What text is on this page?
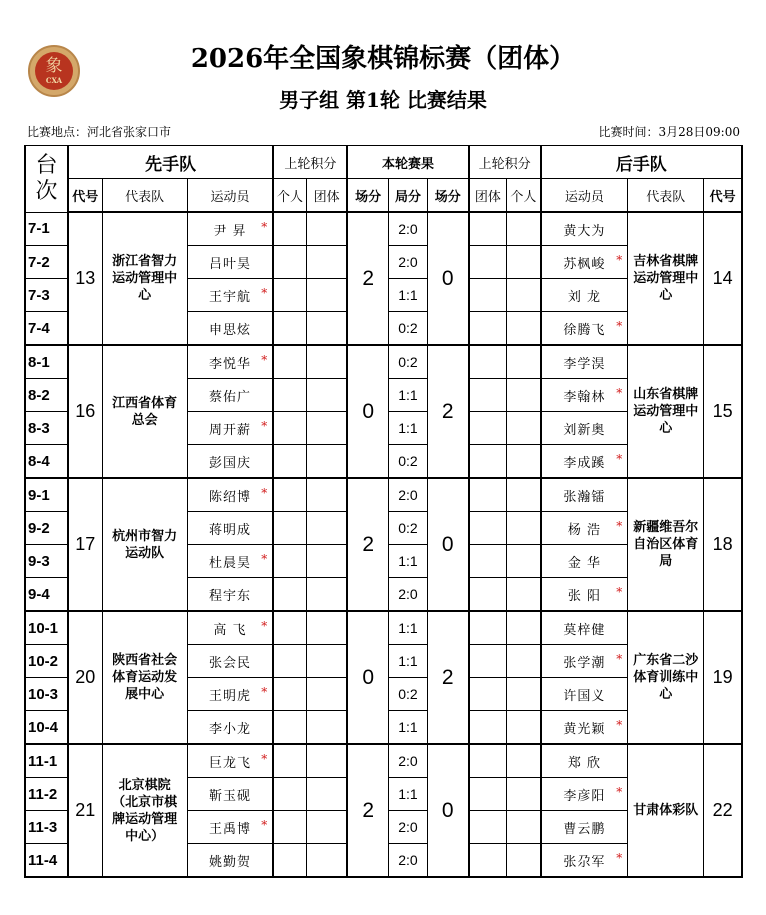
象
CXA
2026年全国象棋锦标赛（团体）
男子组 第1轮 比赛结果
比赛地点：河北省张家口市	比赛时间：3月28日09:00
台
次	先手队			上轮积分		本轮赛果			上轮积分		后手队		
	代号	代表队	运动员	个人	团体	场分	局分	场分	团体	个人	运动员	代表队	代号
7-1	13	浙江省智力运动管理中心	尹 昇 *			2	2:0	0			黄大为	吉林省棋牌运动管理中心	14
7-2			吕叶昊				2:0				苏枫峻 *		

7-3			王宇航 *				1:1				刘 龙		
7-4			申思炫				0:2				徐腾飞 *		

8-1	16	江西省体育总会	李悦华 *			0	0:2	2			李学淏	山东省棋牌运动管理中心	15
8-2			蔡佑广				1:1				李翰林 *		

8-3			周开薪 *				1:1				刘新奥		
8-4			彭国庆				0:2				李成蹊 *		

9-1	17	杭州市智力运动队	陈绍博 *			2	2:0	0			张瀚镭	新疆维吾尔自治区体育局	18
9-2			蒋明成				0:2				杨 浩 *		

9-3			杜晨昊 *				1:1				金 华		
9-4			程宇东				2:0				张 阳 *		

10-1	20	陕西省社会体育运动发展中心	高 飞 *			0	1:1	2			莫梓健	广东省二沙体育训练中心	19
10-2			张会民				1:1				张学潮 *		

10-3			王明虎 *				0:2				许国义		
10-4			李小龙				1:1				黄光颖 *		

11-1	21	北京棋院（北京市棋牌运动管理中心）	巨龙飞 *			2	2:0	0			郑 欣	甘肃体彩队	22
11-2			靳玉砚				1:1				李彦阳 *		

11-3			王禹博 *				2:0				曹云鹏		
11-4			姚勤贺				2:0				张尕军 *		
